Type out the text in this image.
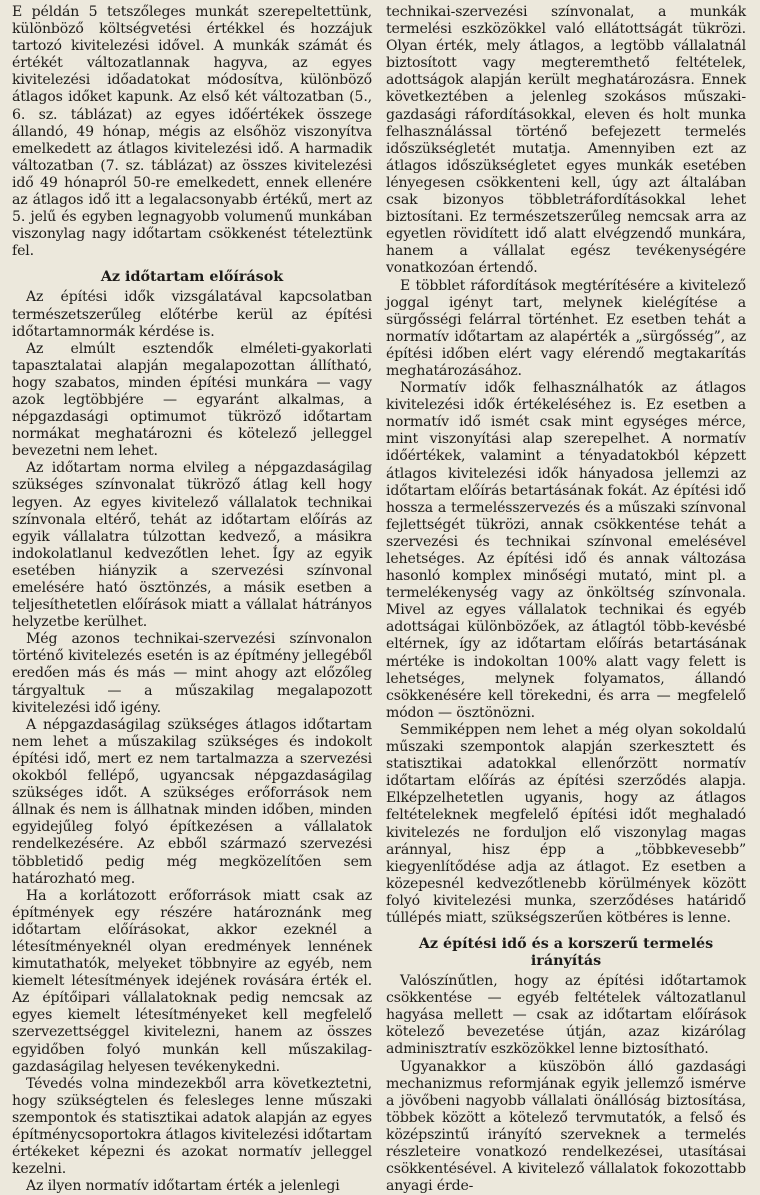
E példán 5 tetszőleges munkát szerepeltettünk, különböző költségvetési értékkel és hozzájuk tartozó kivitelezési idővel. A munkák számát és értékét változatlannak hagyva, az egyes kivitelezési időadatokat módosítva, különböző átlagos időket kapunk. Az első két változatban (5., 6. sz. táblázat) az egyes időértékek összege állandó, 49 hónap, mégis az elsőhöz viszonyítva emelkedett az átlagos kivitelezési idő. A harmadik változatban (7. sz. táblázat) az összes kivitelezési idő 49 hónapról 50-re emelkedett, ennek ellenére az átlagos idő itt a legalacsonyabb értékű, mert az 5. jelű és egyben legnagyobb volumenű munkában viszonylag nagy időtartam csökkenést tételeztünk fel.

Az időtartam előírások

Az építési idők vizsgálatával kapcsolatban természetszerűleg előtérbe kerül az építési időtartamnormák kérdése is.

Az elmúlt esztendők elméleti-gyakorlati tapasztalatai alapján megalapozottan állítható, hogy szabatos, minden építési munkára — vagy azok legtöbbjére — egyaránt alkalmas, a népgazdasági optimumot tükröző időtartam normákat meghatározni és kötelező jelleggel bevezetni nem lehet.

Az időtartam norma elvileg a népgazdaságilag szükséges színvonalat tükröző átlag kell hogy legyen. Az egyes kivitelező vállalatok technikai színvonala eltérő, tehát az időtartam előírás az egyik vállalatra túlzottan kedvező, a másikra indokolatlanul kedvezőtlen lehet. Így az egyik esetében hiányzik a szervezési színvonal emelésére ható ösztönzés, a másik esetben a teljesíthetetlen előírások miatt a vállalat hátrányos helyzetbe kerülhet.

Még azonos technikai-szervezési színvonalon történő kivitelezés esetén is az építmény jellegéből eredően más és más — mint ahogy azt előzőleg tárgyaltuk — a műszakilag megalapozott kivitelezési idő igény.

A népgazdaságilag szükséges átlagos időtartam nem lehet a műszakilag szükséges és indokolt építési idő, mert ez nem tartalmazza a szervezési okokból fellépő, ugyancsak népgazdaságilag szükséges időt. A szükséges erőforrások nem állnak és nem is állhatnak minden időben, minden egyidejűleg folyó építkezésen a vállalatok rendelkezésére. Az ebből származó szervezési többletidő pedig még megközelítően sem határozható meg.

Ha a korlátozott erőforrások miatt csak az építmények egy részére határoznánk meg időtartam előírásokat, akkor ezeknél a létesítményeknél olyan eredmények lennének kimutathatók, melyeket többnyire az egyéb, nem kiemelt létesítmények idejének rovására érték el. Az építőipari vállalatoknak pedig nemcsak az egyes kiemelt létesítményeket kell megfelelő szervezettséggel kivitelezni, hanem az összes egyidőben folyó munkán kell műszakilag-gazdaságilag helyesen tevékenykedni.

Tévedés volna mindezekből arra következtetni, hogy szükségtelen és felesleges lenne műszaki szempontok és statisztikai adatok alapján az egyes építménycsoportokra átlagos kivitelezési időtartam értékeket képezni és azokat normatív jelleggel kezelni.

Az ilyen normatív időtartam érték a jelenlegi

technikai-szervezési színvonalat, a munkák termelési eszközökkel való ellátottságát tükrözi. Olyan érték, mely átlagos, a legtöbb vállalatnál biztosított vagy megteremthető feltételek, adottságok alapján került meghatározásra. Ennek következtében a jelenleg szokásos műszaki-gazdasági ráfordításokkal, eleven és holt munka felhasználással történő befejezett termelés időszükségletét mutatja. Amennyiben ezt az átlagos időszükségletet egyes munkák esetében lényegesen csökkenteni kell, úgy azt általában csak bizonyos többletráfordításokkal lehet biztosítani. Ez természetszerűleg nemcsak arra az egyetlen rövidített idő alatt elvégzendő munkára, hanem a vállalat egész tevékenységére vonatkozóan értendő.

E többlet ráfordítások megtérítésére a kivitelező joggal igényt tart, melynek kielégítése a sürgősségi felárral történhet. Ez esetben tehát a normatív időtartam az alapérték a „sürgősség”, az építési időben elért vagy elérendő megtakarítás meghatározásához.

Normatív idők felhasználhatók az átlagos kivitelezési idők értékeléséhez is. Ez esetben a normatív idő ismét csak mint egységes mérce, mint viszonyítási alap szerepelhet. A normatív időértékek, valamint a tényadatokból képzett átlagos kivitelezési idők hányadosa jellemzi az időtartam előírás betartásának fokát. Az építési idő hossza a termelésszervezés és a műszaki színvonal fejlettségét tükrözi, annak csökkentése tehát a szervezési és technikai színvonal emelésével lehetséges. Az építési idő és annak változása hasonló komplex minőségi mutató, mint pl. a termelékenység vagy az önköltség színvonala. Mivel az egyes vállalatok technikai és egyéb adottságai különbözőek, az átlagtól több-kevésbé eltérnek, így az időtartam előírás betartásának mértéke is indokoltan 100% alatt vagy felett is lehetséges, melynek folyamatos, állandó csökkenésére kell törekedni, és arra — megfelelő módon — ösztönözni.

Semmiképpen nem lehet a még olyan sokoldalú műszaki szempontok alapján szerkesztett és statisztikai adatokkal ellenőrzött normatív időtartam előírás az építési szerződés alapja. Elképzelhetetlen ugyanis, hogy az átlagos feltételeknek megfelelő építési időt meghaladó kivitelezés ne forduljon elő viszonylag magas aránnyal, hisz épp a „többkevesebb” kiegyenlítődése adja az átlagot. Ez esetben a közepesnél kedvezőtlenebb körülmények között folyó kivitelezési munka, szerződéses határidő túllépés miatt, szükségszerűen kötbéres is lenne.

Az építési idő és a korszerű termelés irányítás

Valószínűtlen, hogy az építési időtartamok csökkentése — egyéb feltételek változatlanul hagyása mellett — csak az időtartam előírások kötelező bevezetése útján, azaz kizárólag adminisztratív eszközökkel lenne biztosítható.

Ugyanakkor a küszöbön álló gazdasági mechanizmus reformjának egyik jellemző ismérve a jövőbeni nagyobb vállalati önállóság biztosítása, többek között a kötelező tervmutatók, a felső és középszintű irányító szerveknek a termelés részleteire vonatkozó rendelkezései, utasításai csökkentésével. A kivitelező vállalatok fokozottabb anyagi érde-
